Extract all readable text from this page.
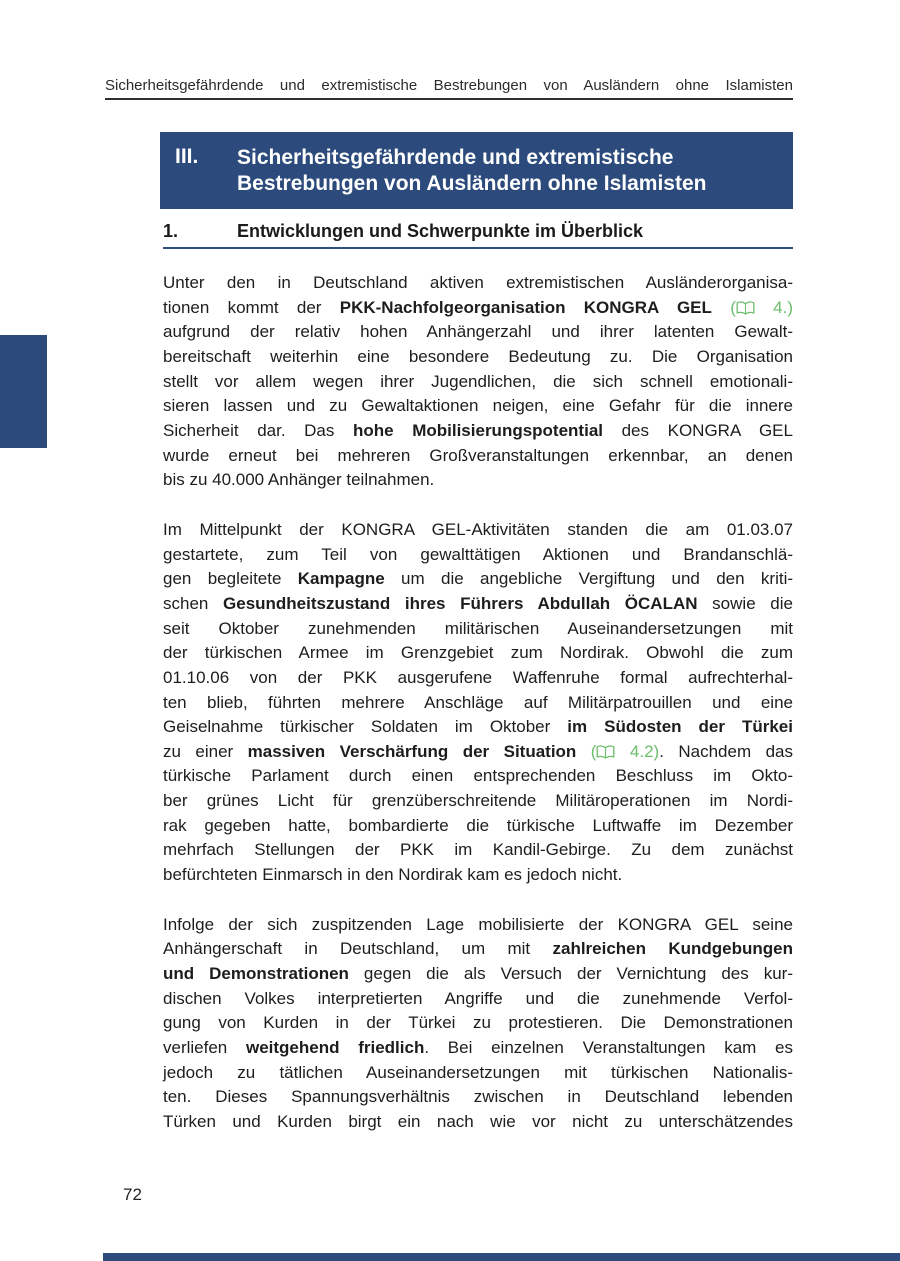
Sicherheitsgefährdende und extremistische Bestrebungen von Ausländern ohne Islamisten
III. Sicherheitsgefährdende und extremistische
Bestrebungen von Ausländern ohne Islamisten
1.	Entwicklungen und Schwerpunkte im Überblick
Unter den in Deutschland aktiven extremistischen Ausländerorganisa-
tionen kommt der PKK-Nachfolgeorganisation KONGRA GEL ( 4.)
aufgrund der relativ hohen Anhängerzahl und ihrer latenten Gewalt-
bereitschaft weiterhin eine besondere Bedeutung zu. Die Organisation
stellt vor allem wegen ihrer Jugendlichen, die sich schnell emotionali-
sieren lassen und zu Gewaltaktionen neigen, eine Gefahr für die innere
Sicherheit dar. Das hohe Mobilisierungspotential des KONGRA GEL
wurde erneut bei mehreren Großveranstaltungen erkennbar, an denen
bis zu 40.000 Anhänger teilnahmen.
Im Mittelpunkt der KONGRA GEL-Aktivitäten standen die am 01.03.07
gestartete, zum Teil von gewalttätigen Aktionen und Brandanschlä-
gen begleitete Kampagne um die angebliche Vergiftung und den kriti-
schen Gesundheitszustand ihres Führers Abdullah ÖCALAN sowie die
seit Oktober zunehmenden militärischen Auseinandersetzungen mit
der türkischen Armee im Grenzgebiet zum Nordirak. Obwohl die zum
01.10.06 von der PKK ausgerufene Waffenruhe formal aufrechterhal-
ten blieb, führten mehrere Anschläge auf Militärpatrouillen und eine
Geiselnahme türkischer Soldaten im Oktober im Südosten der Türkei
zu einer massiven Verschärfung der Situation ( 4.2). Nachdem das
türkische Parlament durch einen entsprechenden Beschluss im Okto-
ber grünes Licht für grenzüberschreitende Militäroperationen im Nordi-
rak gegeben hatte, bombardierte die türkische Luftwaffe im Dezember
mehrfach Stellungen der PKK im Kandil-Gebirge. Zu dem zunächst
befürchteten Einmarsch in den Nordirak kam es jedoch nicht.
Infolge der sich zuspitzenden Lage mobilisierte der KONGRA GEL seine
Anhängerschaft in Deutschland, um mit zahlreichen Kundgebungen
und Demonstrationen gegen die als Versuch der Vernichtung des kur-
dischen Volkes interpretierten Angriffe und die zunehmende Verfol-
gung von Kurden in der Türkei zu protestieren. Die Demonstrationen
verliefen weitgehend friedlich. Bei einzelnen Veranstaltungen kam es
jedoch zu tätlichen Auseinandersetzungen mit türkischen Nationalis-
ten. Dieses Spannungsverhältnis zwischen in Deutschland lebenden
Türken und Kurden birgt ein nach wie vor nicht zu unterschätzendes
72
